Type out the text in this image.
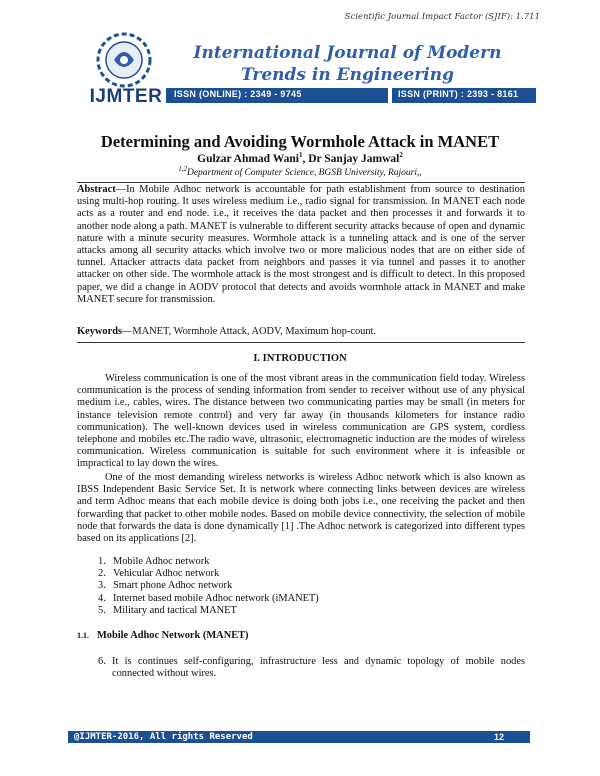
Scientific Journal Impact Factor (SJIF): 1.711
IJMTER
International Journal of Modern Trends in Engineering
ISSN (ONLINE) : 2349 - 9745	ISSN (PRINT) : 2393 - 8161
Determining and Avoiding Wormhole Attack in MANET
Gulzar Ahmad Wani$^1$, Dr Sanjay Jamwal$^2$
$^{1,2}$Department of Computer Science, BGSB University, Rajouri,,
Abstract—In Mobile Adhoc network is accountable for path establishment from source to destination using multi-hop routing. It uses wireless medium i.e., radio signal for transmission. In MANET each node acts as a router and end node. i.e., it receives the data packet and then processes it and forwards it to another node along a path. MANET is vulnerable to different security attacks because of open and dynamic nature with a minute security measures. Wormhole attack is a tunneling attack and is one of the server attacks among all security attacks which involve two or more malicious nodes that are on either side of tunnel. Attacker attracts data packet from neighbors and passes it via tunnel and passes it to another attacker on other side. The wormhole attack is the most strongest and is difficult to detect. In this proposed paper, we did a change in AODV protocol that detects and avoids wormhole attack in MANET and make MANET secure for transmission.
Keywords—MANET, Wormhole Attack, AODV, Maximum hop-count.
I. INTRODUCTION

Wireless communication is one of the most vibrant areas in the communication field today. Wireless communication is the process of sending information from sender to receiver without use of any physical medium i.e., cables, wires. The distance between two communicating parties may be small (in meters for instance television remote control) and very far away (in thousands kilometers for instance radio communication). The well-known devices used in wireless communication are GPS system, cordless telephone and mobiles etc.The radio wave, ultrasonic, electromagnetic induction are the modes of wireless communication. Wireless communication is suitable for such environment where it is infeasible or impractical to lay down the wires.

One of the most demanding wireless networks is wireless Adhoc network which is also known as IBSS Independent Basic Service Set. It is network where connecting links between devices are wireless and term Adhoc means that each mobile device is doing both jobs i.e., one receiving the packet and then forwarding that packet to other mobile nodes. Based on mobile device connectivity, the selection of mobile node that forwards the data is done dynamically [1] .The Adhoc network is categorized into different types based on its applications [2].

1. Mobile Adhoc network
2. Vehicular Adhoc network
3. Smart phone Adhoc network
4. Internet based mobile Adhoc network (iMANET)
5. Military and tactical MANET
1.1. Mobile Adhoc Network (MANET)
6. It is continues self-configuring, infrastructure less and dynamic topology of mobile nodes connected without wires.
@IJMTER-2016, All rights Reserved	12
